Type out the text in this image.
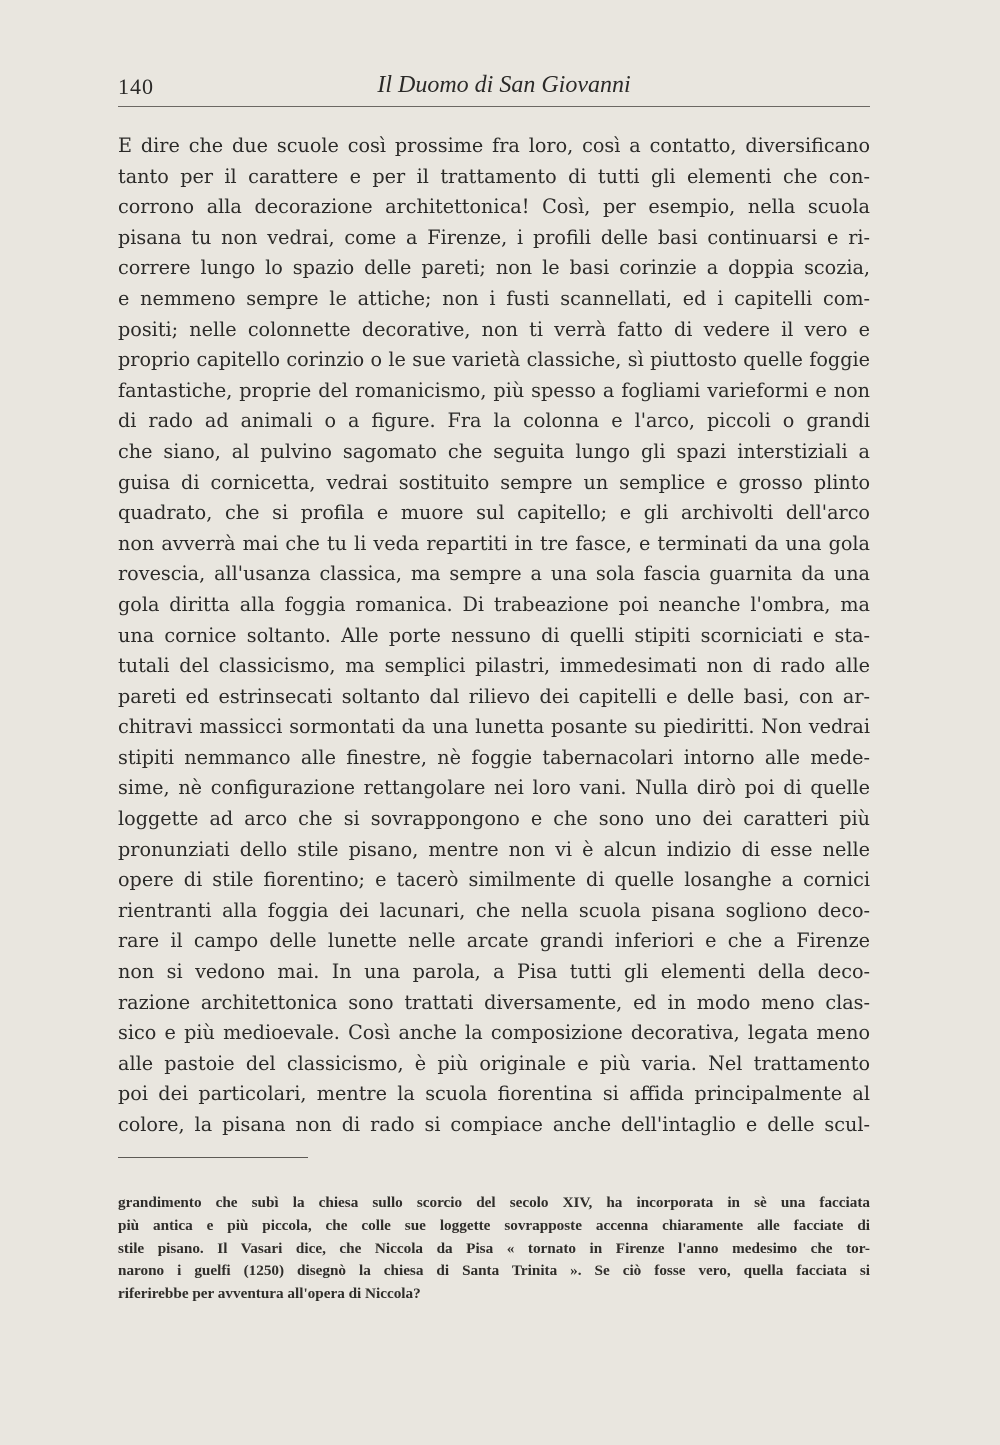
140	Il Duomo di San Giovanni
E dire che due scuole così prossime fra loro, così a contatto, diversificano
tanto per il carattere e per il trattamento di tutti gli elementi che con-
corrono alla decorazione architettonica! Così, per esempio, nella scuola
pisana tu non vedrai, come a Firenze, i profili delle basi continuarsi e ri-
correre lungo lo spazio delle pareti; non le basi corinzie a doppia scozia,
e nemmeno sempre le attiche; non i fusti scannellati, ed i capitelli com-
positi; nelle colonnette decorative, non ti verrà fatto di vedere il vero e
proprio capitello corinzio o le sue varietà classiche, sì piuttosto quelle foggie
fantastiche, proprie del romanicismo, più spesso a fogliami varieformi e non
di rado ad animali o a figure. Fra la colonna e l'arco, piccoli o grandi
che siano, al pulvino sagomato che seguita lungo gli spazi interstiziali a
guisa di cornicetta, vedrai sostituito sempre un semplice e grosso plinto
quadrato, che si profila e muore sul capitello; e gli archivolti dell'arco
non avverrà mai che tu li veda repartiti in tre fasce, e terminati da una gola
rovescia, all'usanza classica, ma sempre a una sola fascia guarnita da una
gola diritta alla foggia romanica. Di trabeazione poi neanche l'ombra, ma
una cornice soltanto. Alle porte nessuno di quelli stipiti scorniciati e sta-
tutali del classicismo, ma semplici pilastri, immedesimati non di rado alle
pareti ed estrinsecati soltanto dal rilievo dei capitelli e delle basi, con ar-
chitravi massicci sormontati da una lunetta posante su piediritti. Non vedrai
stipiti nemmanco alle finestre, nè foggie tabernacolari intorno alle mede-
sime, nè configurazione rettangolare nei loro vani. Nulla dirò poi di quelle
loggette ad arco che si sovrappongono e che sono uno dei caratteri più
pronunziati dello stile pisano, mentre non vi è alcun indizio di esse nelle
opere di stile fiorentino; e tacerò similmente di quelle losanghe a cornici
rientranti alla foggia dei lacunari, che nella scuola pisana sogliono deco-
rare il campo delle lunette nelle arcate grandi inferiori e che a Firenze
non si vedono mai. In una parola, a Pisa tutti gli elementi della deco-
razione architettonica sono trattati diversamente, ed in modo meno clas-
sico e più medioevale. Così anche la composizione decorativa, legata meno
alle pastoie del classicismo, è più originale e più varia. Nel trattamento
poi dei particolari, mentre la scuola fiorentina si affida principalmente al
colore, la pisana non di rado si compiace anche dell'intaglio e delle scul-
grandimento che subì la chiesa sullo scorcio del secolo XIV, ha incorporata in sè una facciata
più antica e più piccola, che colle sue loggette sovrapposte accenna chiaramente alle facciate di
stile pisano. Il Vasari dice, che Niccola da Pisa « tornato in Firenze l'anno medesimo che tor-
narono i guelfi (1250) disegnò la chiesa di Santa Trinita ». Se ciò fosse vero, quella facciata si
riferirebbe per avventura all'opera di Niccola?
